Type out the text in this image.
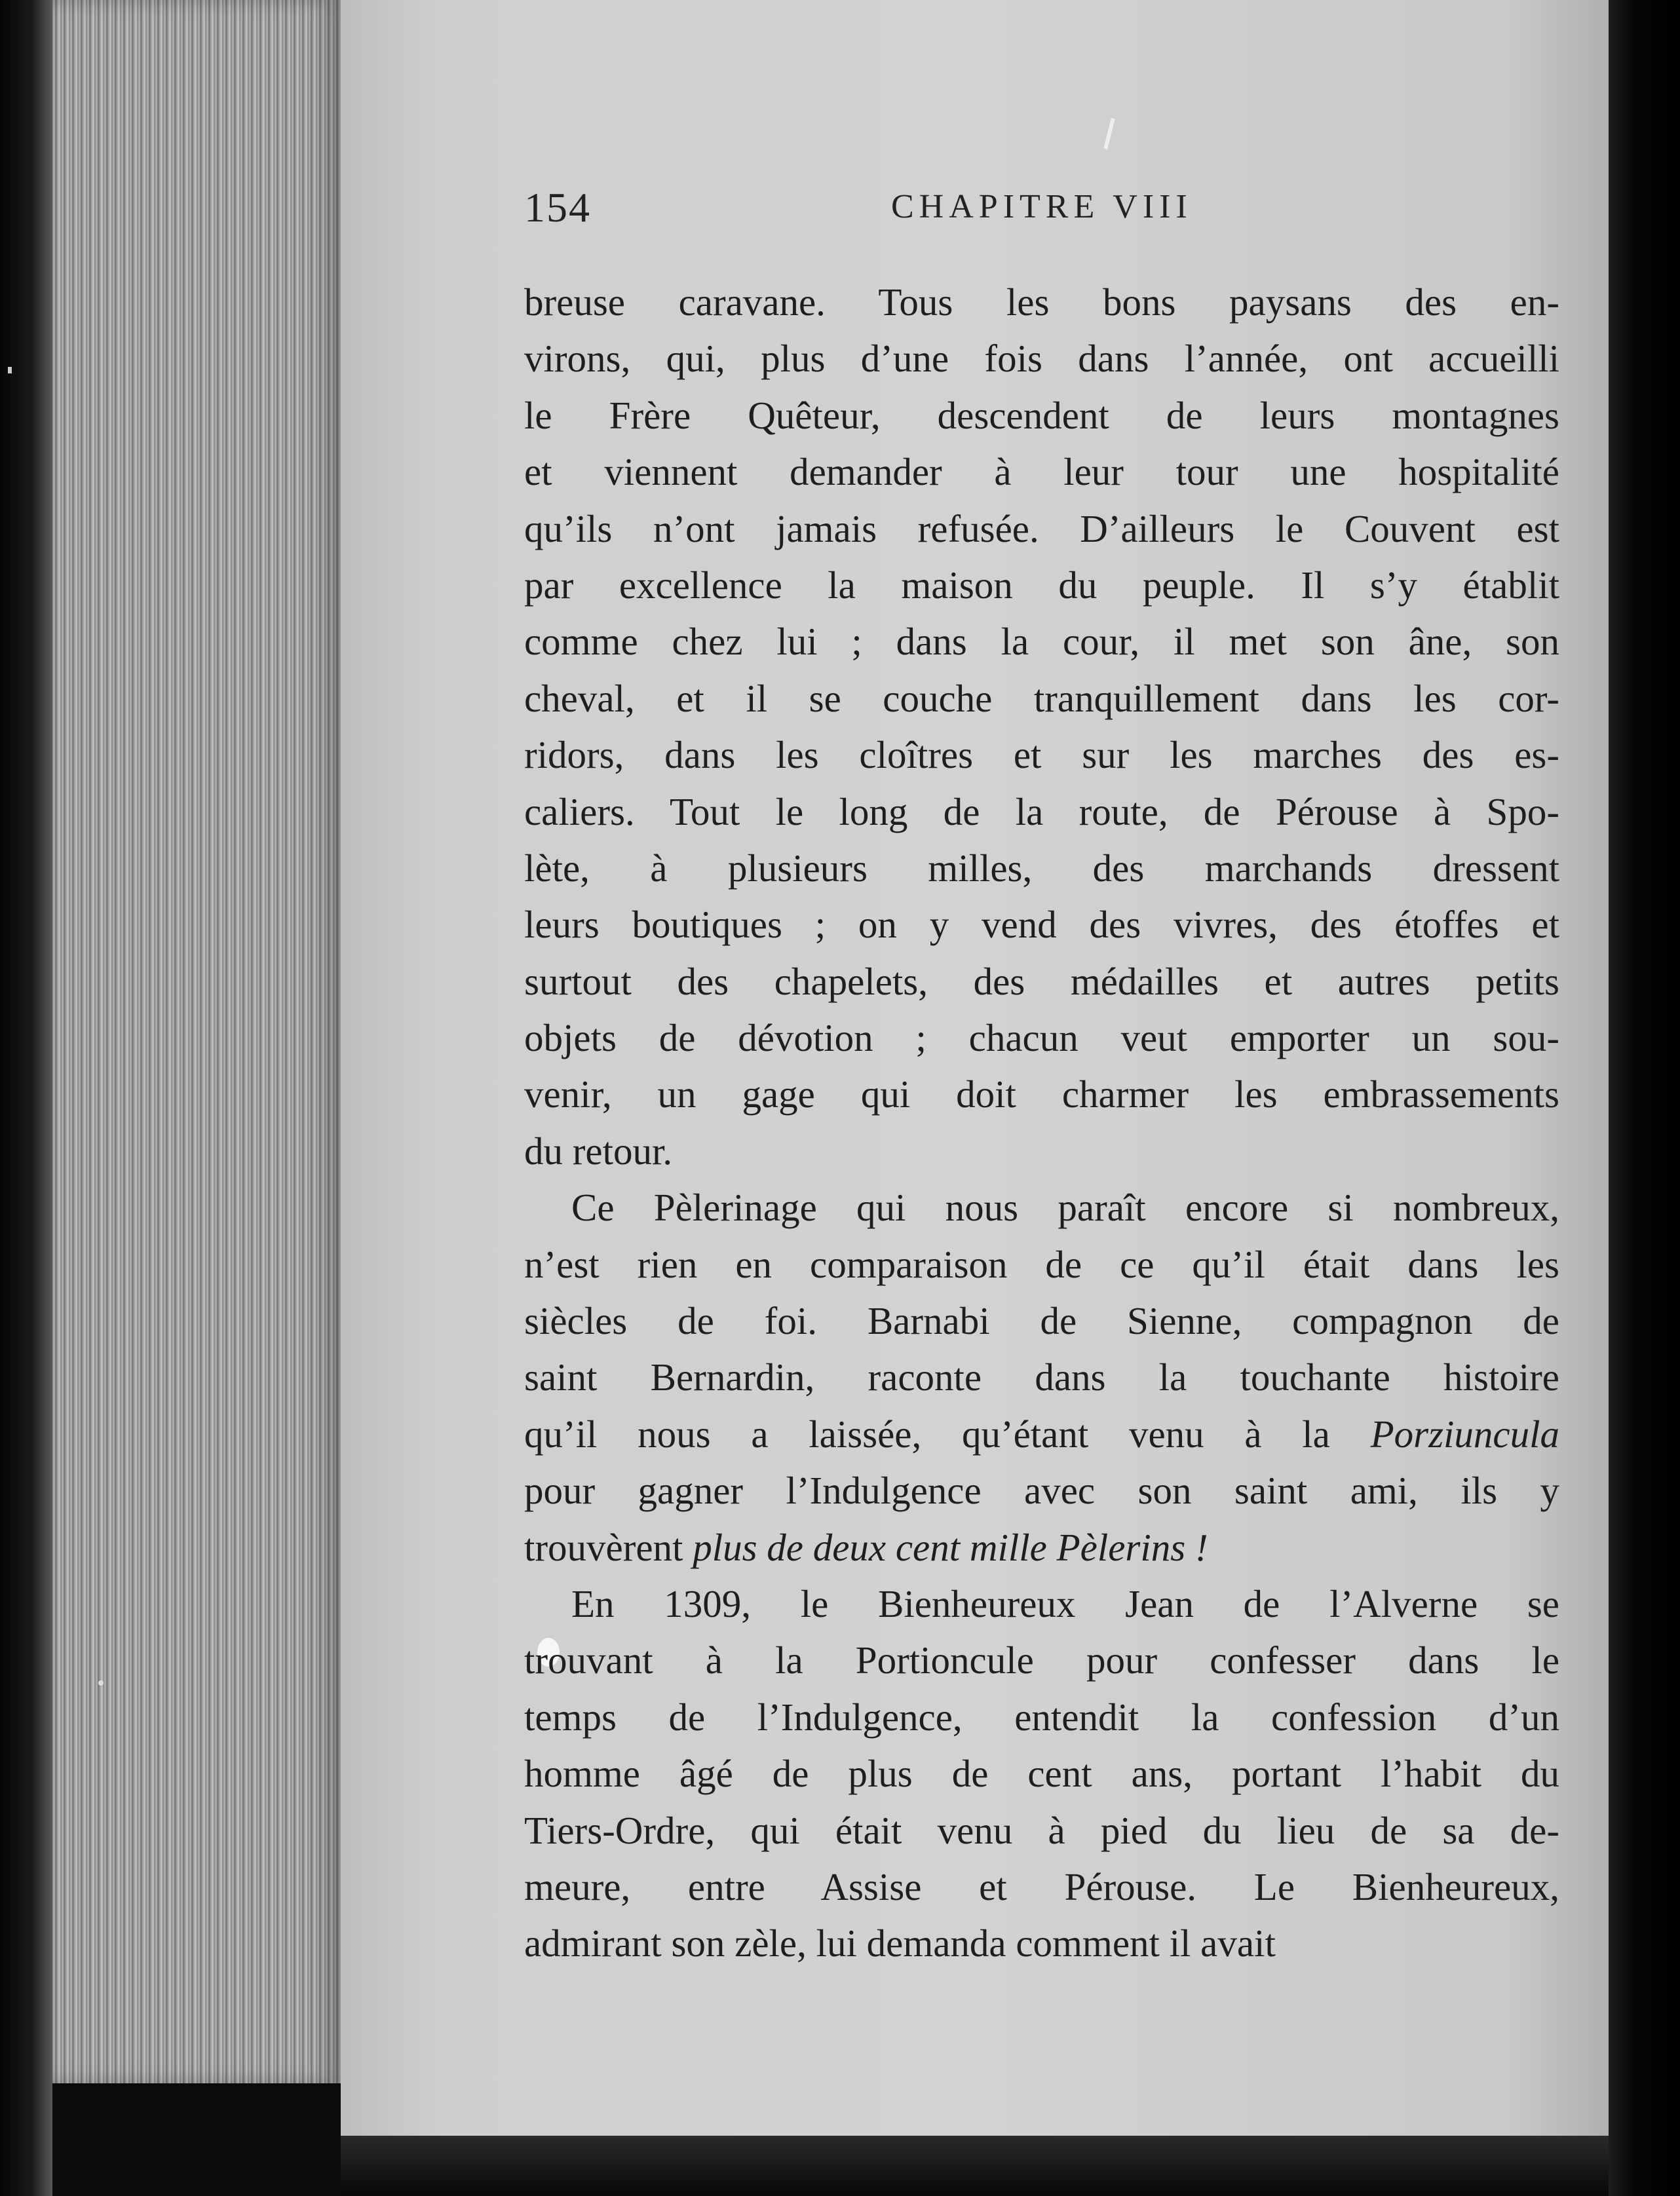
154	CHAPITRE VIII
breuse caravane. Tous les bons paysans des en-
virons, qui, plus d’une fois dans l’année, ont accueilli
le Frère Quêteur, descendent de leurs montagnes
et viennent demander à leur tour une hospitalité
qu’ils n’ont jamais refusée. D’ailleurs le Couvent est
par excellence la maison du peuple. Il s’y établit
comme chez lui ; dans la cour, il met son âne, son
cheval, et il se couche tranquillement dans les cor-
ridors, dans les cloîtres et sur les marches des es-
caliers. Tout le long de la route, de Pérouse à Spo-
lète, à plusieurs milles, des marchands dressent
leurs boutiques ; on y vend des vivres, des étoffes et
surtout des chapelets, des médailles et autres petits
objets de dévotion ; chacun veut emporter un sou-
venir, un gage qui doit charmer les embrassements
du retour.
Ce Pèlerinage qui nous paraît encore si nombreux,
n’est rien en comparaison de ce qu’il était dans les
siècles de foi. Barnabi de Sienne, compagnon de
saint Bernardin, raconte dans la touchante histoire
qu’il nous a laissée, qu’étant venu à la Porziuncula
pour gagner l’Indulgence avec son saint ami, ils y
trouvèrent plus de deux cent mille Pèlerins !
En 1309, le Bienheureux Jean de l’Alverne se
trouvant à la Portioncule pour confesser dans le
temps de l’Indulgence, entendit la confession d’un
homme âgé de plus de cent ans, portant l’habit du
Tiers-Ordre, qui était venu à pied du lieu de sa de-
meure, entre Assise et Pérouse. Le Bienheureux,
admirant son zèle, lui demanda comment il avait
